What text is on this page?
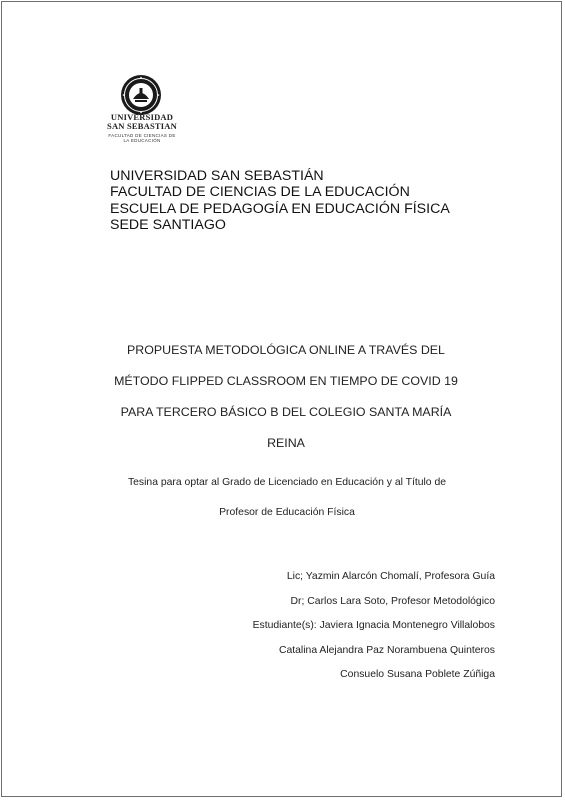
UNIVERSIDAD
SAN SEBASTIAN
FACULTAD DE CIENCIAS DE
LA EDUCACIÓN
UNIVERSIDAD SAN SEBASTIÁN
FACULTAD DE CIENCIAS DE LA EDUCACIÓN
ESCUELA DE PEDAGOGÍA EN EDUCACIÓN FÍSICA
SEDE SANTIAGO
PROPUESTA METODOLÓGICA ONLINE A TRAVÉS DEL
MÉTODO FLIPPED CLASSROOM EN TIEMPO DE COVID 19
PARA TERCERO BÁSICO B DEL COLEGIO SANTA MARÍA
REINA
Tesina para optar al Grado de Licenciado en Educación y al Título de
Profesor de Educación Física
Lic; Yazmin Alarcón Chomalí, Profesora Guía
Dr; Carlos Lara Soto, Profesor Metodológico
Estudiante(s): Javiera Ignacia Montenegro Villalobos
Catalina Alejandra Paz Norambuena Quinteros
Consuelo Susana Poblete Zúñiga
